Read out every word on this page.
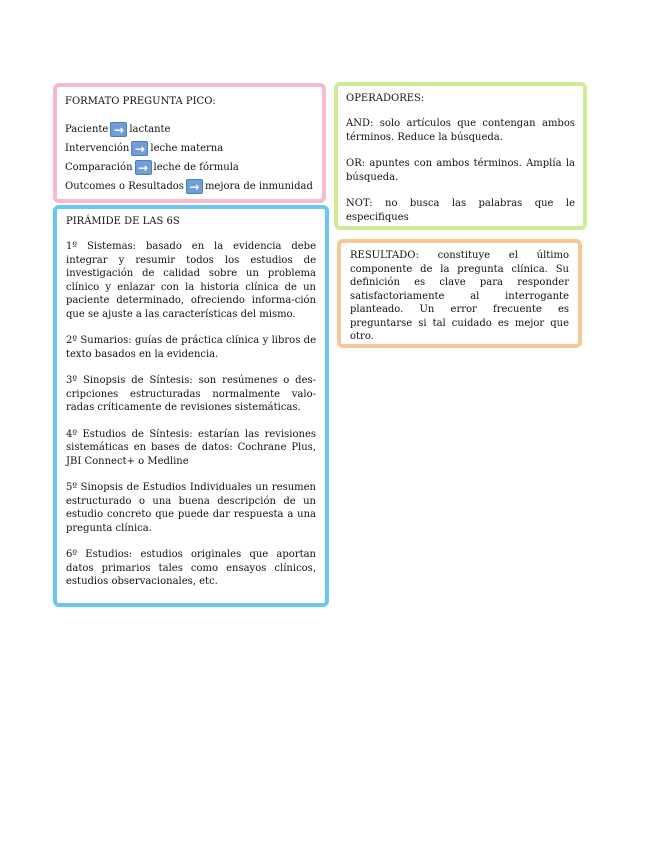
FORMATO PREGUNTA PICO:

Paciente → lactante
Intervención → leche materna
Comparación → leche de fórmula
Outcomes o Resultados → mejora de inmunidad

OPERADORES:

AND: solo artículos que contengan ambos términos. Reduce la búsqueda.

OR: apuntes con ambos términos. Amplía la búsqueda.

NOT: no busca las palabras que le especifiques

RESULTADO: constituye el último componente de la pregunta clínica. Su definición es clave para responder satisfactoriamente al interrogante planteado. Un error frecuente es preguntarse si tal cuidado es mejor que otro.

PIRÁMIDE DE LAS 6S

1º Sistemas: basado en la evidencia debe integrar y resumir todos los estudios de investigación de calidad sobre un problema clínico y enlazar con la historia clínica de un paciente determinado, ofreciendo informa-ción que se ajuste a las características del mismo.

2º Sumarios: guías de práctica clínica y libros de texto basados en la evidencia.

3º Sinopsis de Síntesis: son resúmenes o des-cripciones estructuradas normalmente valo-radas críticamente de revisiones sistemáticas.

4º Estudios de Síntesis: estarían las revisiones sistemáticas en bases de datos: Cochrane Plus, JBI Connect+ o Medline

5º Sinopsis de Estudios Individuales un resumen estructurado o una buena descripción de un estudio concreto que puede dar respuesta a una pregunta clínica.

6º Estudios: estudios originales que aportan datos primarios tales como ensayos clínicos, estudios observacionales, etc.
